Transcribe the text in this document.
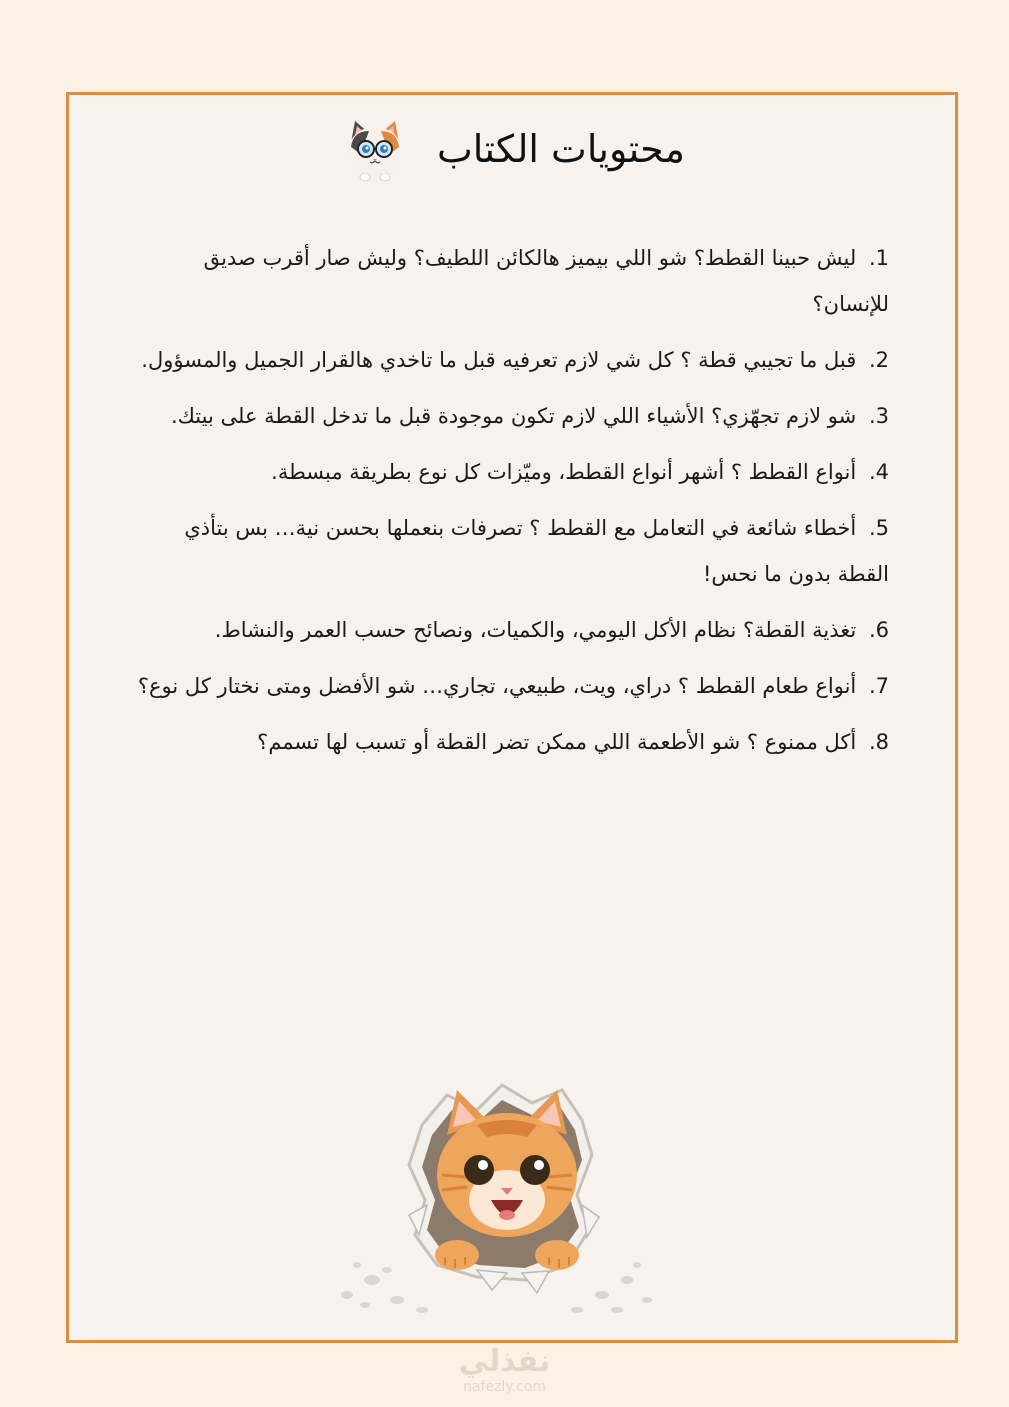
محتويات الكتاب
1. ليش حبينا القطط؟ شو اللي بيميز هالكائن اللطيف؟ وليش صار أقرب صديق للإنسان؟
2. قبل ما تجيبي قطة ؟ كل شي لازم تعرفيه قبل ما تاخدي هالقرار الجميل والمسؤول.
3. شو لازم تجهّزي؟ الأشياء اللي لازم تكون موجودة قبل ما تدخل القطة على بيتك.
4. أنواع القطط ؟ أشهر أنواع القطط، وميّزات كل نوع بطريقة مبسطة.
5. أخطاء شائعة في التعامل مع القطط ؟ تصرفات بنعملها بحسن نية… بس بتأذي القطة بدون ما نحس!
6. تغذية القطة؟ نظام الأكل اليومي، والكميات، ونصائح حسب العمر والنشاط.
7. أنواع طعام القطط ؟ دراي، ويت، طبيعي، تجاري… شو الأفضل ومتى نختار كل نوع؟
8. أكل ممنوع ؟ شو الأطعمة اللي ممكن تضر القطة أو تسبب لها تسمم؟
نفذلي
nafezly.com
